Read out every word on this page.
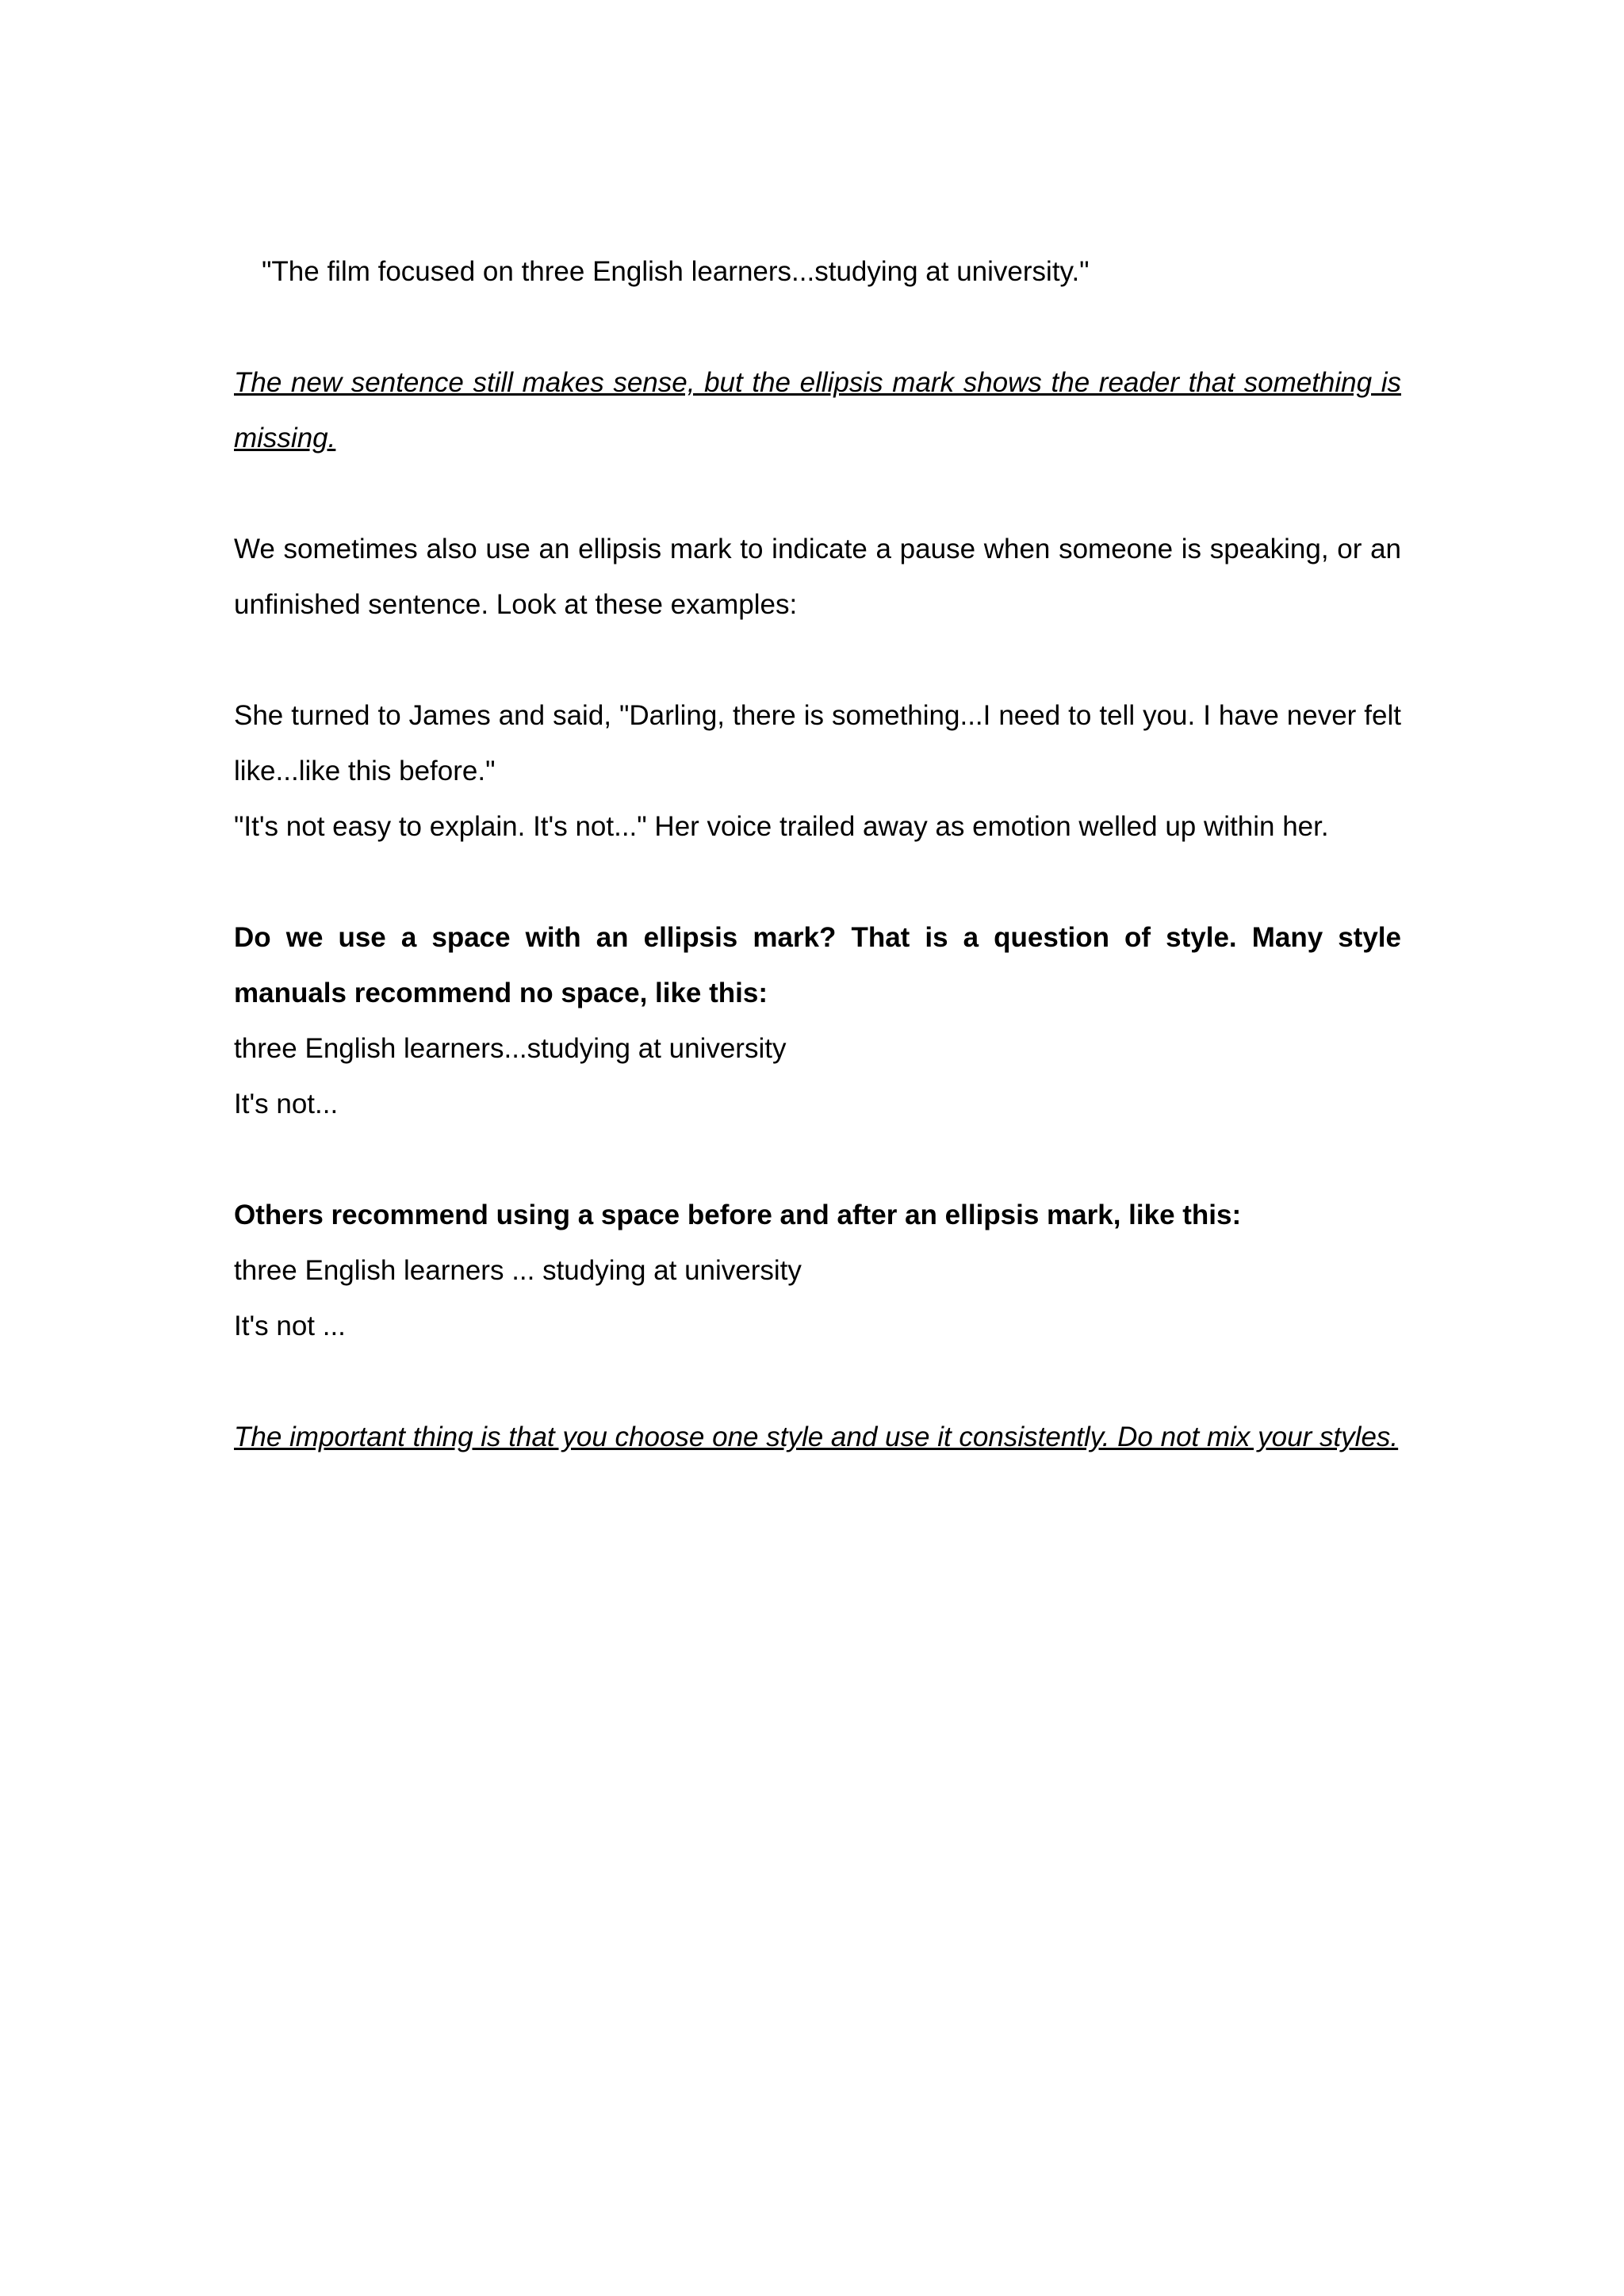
"The film focused on three English learners...studying at university."

The new sentence still makes sense, but the ellipsis mark shows the reader that something is missing.

We sometimes also use an ellipsis mark to indicate a pause when someone is speaking, or an unfinished sentence. Look at these examples:

She turned to James and said, "Darling, there is something...I need to tell you. I have never felt like...like this before."

"It's not easy to explain. It's not..." Her voice trailed away as emotion welled up within her.

Do we use a space with an ellipsis mark? That is a question of style. Many style manuals recommend no space, like this:

three English learners...studying at university

It's not...

Others recommend using a space before and after an ellipsis mark, like this:

three English learners ... studying at university

It's not ...

The important thing is that you choose one style and use it consistently. Do not mix your styles.
